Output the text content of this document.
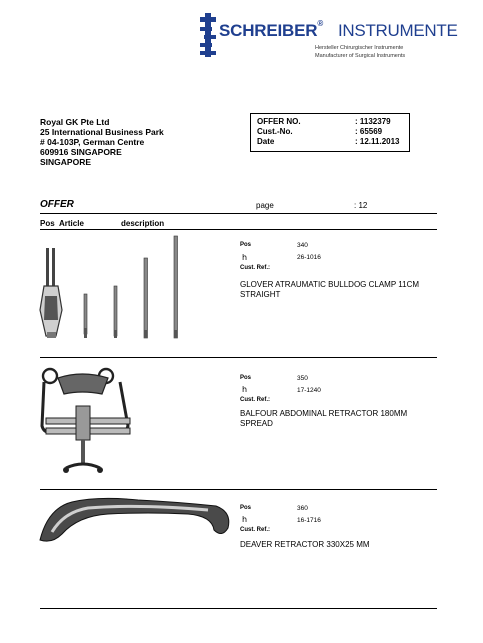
SCHREIBER® INSTRUMENTE
Hersteller Chirurgischer Instrumente
Manufacturer of Surgical Instruments
Royal GK Pte Ltd
25 International Business Park
# 04-103P, German Centre
609916 SINGAPORE
SINGAPORE
OFFER NO.	: 1132379
Cust.-No.	: 65569
Date	: 12.11.2013
OFFER	page	: 12
Pos Article	description
Pos	340
h	26-1016
Cust. Ref.:
GLOVER ATRAUMATIC BULLDOG CLAMP 11CM
STRAIGHT
Pos	350
h	17-1240
Cust. Ref.:
BALFOUR ABDOMINAL RETRACTOR 180MM
SPREAD
Pos	360
h	16-1716
Cust. Ref.:
DEAVER RETRACTOR 330X25 MM
